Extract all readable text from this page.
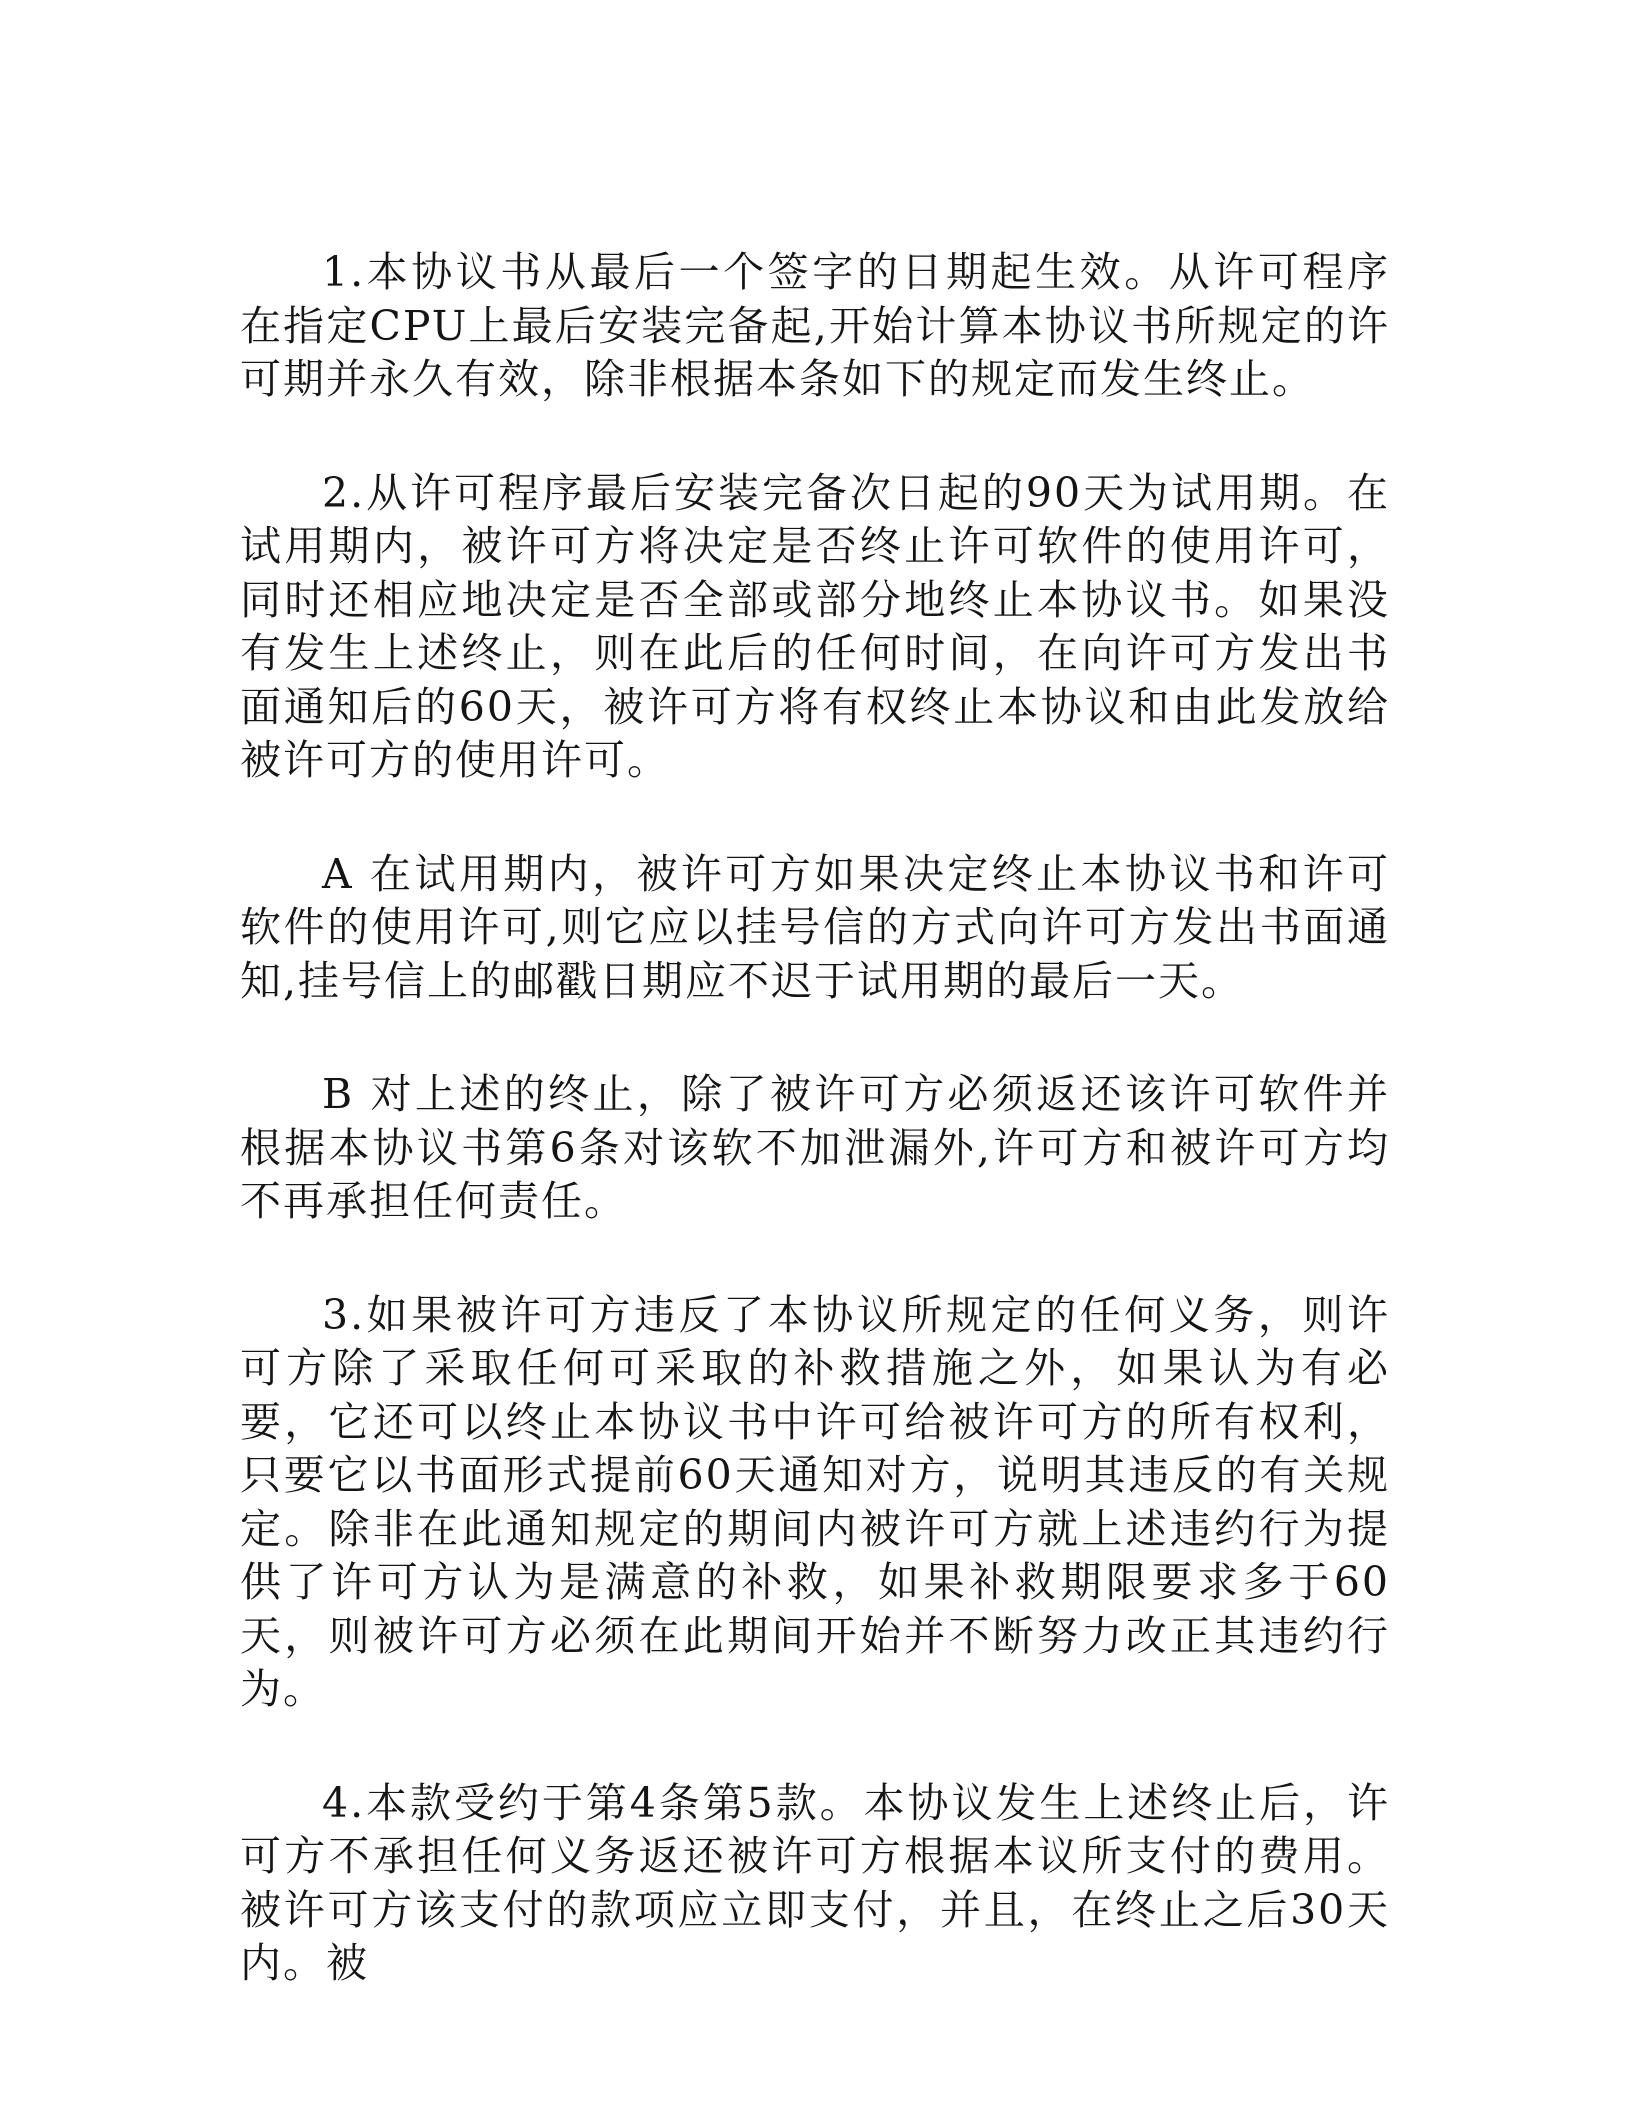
1.本协议书从最后一个签字的日期起生效。从许可程序在指定CPU上最后安装完备起,开始计算本协议书所规定的许可期并永久有效，除非根据本条如下的规定而发生终止。

2.从许可程序最后安装完备次日起的90天为试用期。在试用期内，被许可方将决定是否终止许可软件的使用许可，同时还相应地决定是否全部或部分地终止本协议书。如果没有发生上述终止，则在此后的任何时间，在向许可方发出书面通知后的60天，被许可方将有权终止本协议和由此发放给被许可方的使用许可。

A 在试用期内，被许可方如果决定终止本协议书和许可软件的使用许可,则它应以挂号信的方式向许可方发出书面通知,挂号信上的邮戳日期应不迟于试用期的最后一天。

B 对上述的终止，除了被许可方必须返还该许可软件并根据本协议书第6条对该软不加泄漏外,许可方和被许可方均不再承担任何责任。

3.如果被许可方违反了本协议所规定的任何义务，则许可方除了采取任何可采取的补救措施之外，如果认为有必要，它还可以终止本协议书中许可给被许可方的所有权利，只要它以书面形式提前60天通知对方，说明其违反的有关规定。除非在此通知规定的期间内被许可方就上述违约行为提供了许可方认为是满意的补救，如果补救期限要求多于60天，则被许可方必须在此期间开始并不断努力改正其违约行为。

4.本款受约于第4条第5款。本协议发生上述终止后，许可方不承担任何义务返还被许可方根据本议所支付的费用。被许可方该支付的款项应立即支付，并且，在终止之后30天内。被
